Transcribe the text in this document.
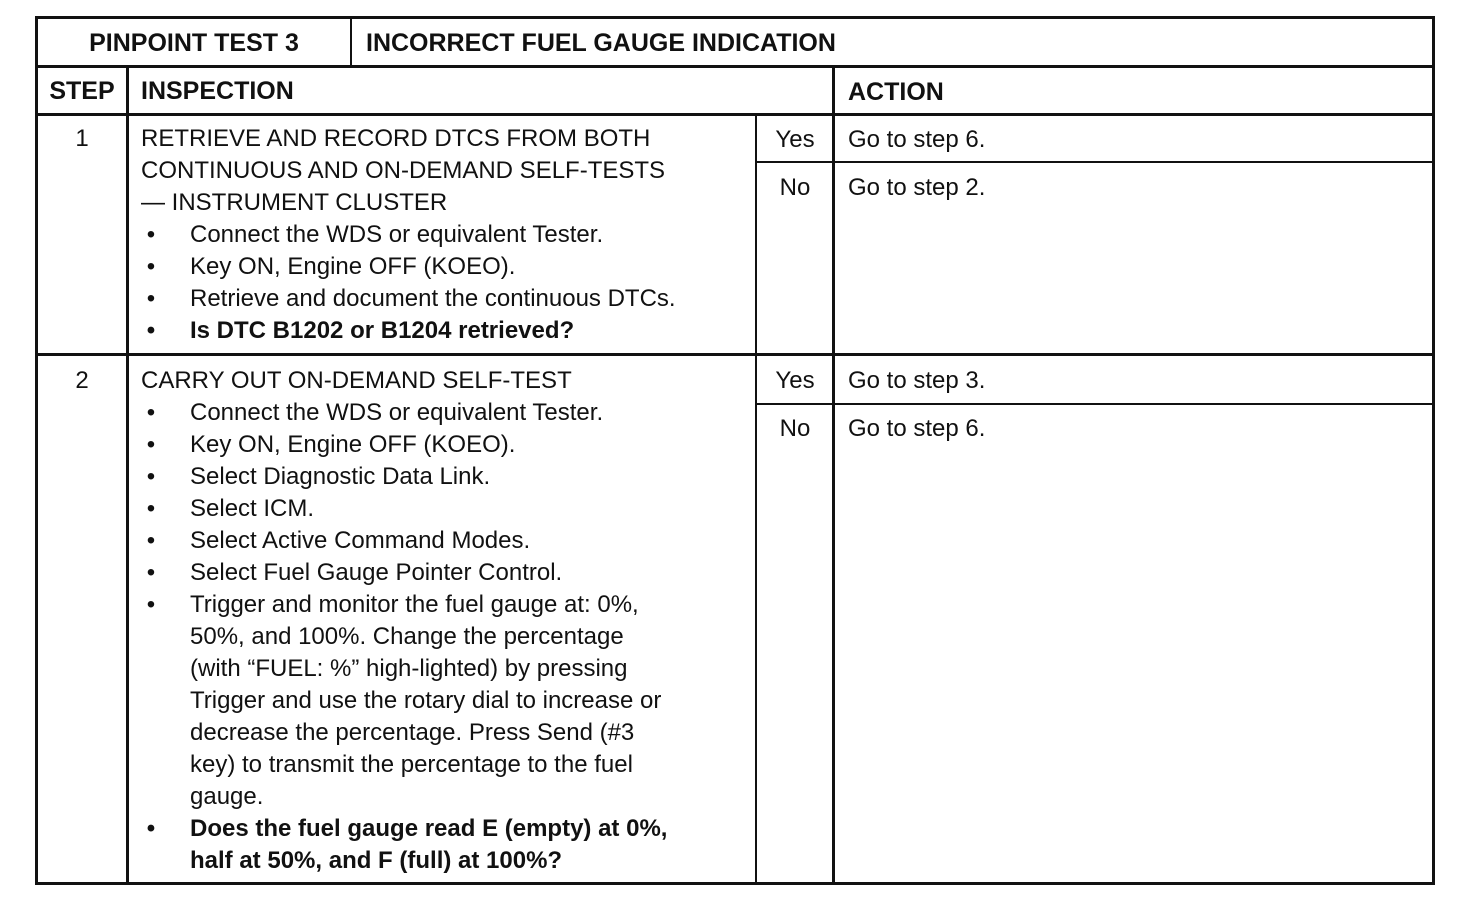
PINPOINT TEST 3	INCORRECT FUEL GAUGE INDICATION
STEP	INSPECTION	ACTION
1	RETRIEVE AND RECORD DTCS FROM BOTH
CONTINUOUS AND ON-DEMAND SELF-TESTS
— INSTRUMENT CLUSTER
• Connect the WDS or equivalent Tester.
• Key ON, Engine OFF (KOEO).
• Retrieve and document the continuous DTCs.
• Is DTC B1202 or B1204 retrieved?
Yes	Go to step 6.
No	Go to step 2.
2	CARRY OUT ON-DEMAND SELF-TEST
• Connect the WDS or equivalent Tester.
• Key ON, Engine OFF (KOEO).
• Select Diagnostic Data Link.
• Select ICM.
• Select Active Command Modes.
• Select Fuel Gauge Pointer Control.
• Trigger and monitor the fuel gauge at: 0%,
50%, and 100%. Change the percentage
(with “FUEL: %” high-lighted) by pressing
Trigger and use the rotary dial to increase or
decrease the percentage. Press Send (#3
key) to transmit the percentage to the fuel
gauge.
• Does the fuel gauge read E (empty) at 0%,
half at 50%, and F (full) at 100%?
Yes	Go to step 3.
No	Go to step 6.
